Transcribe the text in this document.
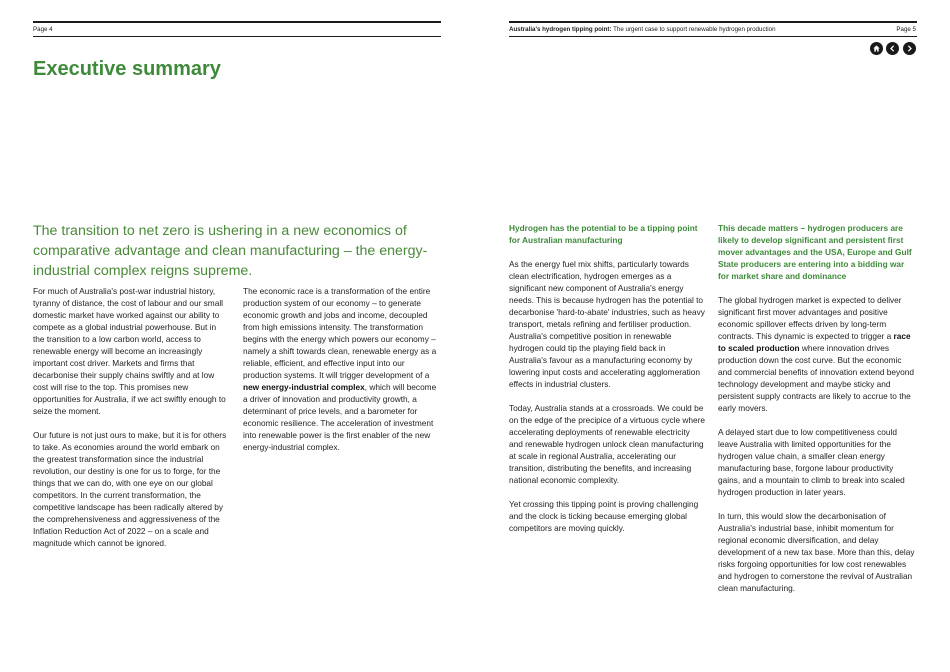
Page 4
Executive summary
The transition to net zero is ushering in a new economics of comparative advantage and clean manufacturing – the energy-industrial complex reigns supreme.

For much of Australia's post-war industrial history, tyranny of distance, the cost of labour and our small domestic market have worked against our ability to compete as a global industrial powerhouse. But in the transition to a low carbon world, access to renewable energy will become an increasingly important cost driver. Markets and firms that decarbonise their supply chains swiftly and at low cost will rise to the top. This promises new opportunities for Australia, if we act swiftly enough to seize the moment.

Our future is not just ours to make, but it is for others to take. As economies around the world embark on the greatest transformation since the industrial revolution, our destiny is one for us to forge, for the things that we can do, with one eye on our global competitors. In the current transformation, the competitive landscape has been radically altered by the comprehensiveness and aggressiveness of the Inflation Reduction Act of 2022 – on a scale and magnitude which cannot be ignored.

The economic race is a transformation of the entire production system of our economy – to generate economic growth and jobs and income, decoupled from high emissions intensity. The transformation begins with the energy which powers our economy – namely a shift towards clean, renewable energy as a reliable, efficient, and effective input into our production systems. It will trigger development of a new energy-industrial complex, which will become a driver of innovation and productivity growth, a determinant of price levels, and a barometer for economic resilience. The acceleration of investment into renewable power is the first enabler of the new energy-industrial complex.

Australia's hydrogen tipping point: The urgent case to support renewable hydrogen production	Page 5
Hydrogen has the potential to be a tipping point for Australian manufacturing

As the energy fuel mix shifts, particularly towards clean electrification, hydrogen emerges as a significant new component of Australia's energy needs. This is because hydrogen has the potential to decarbonise 'hard-to-abate' industries, such as heavy transport, metals refining and fertiliser production. Australia's competitive position in renewable hydrogen could tip the playing field back in Australia's favour as a manufacturing economy by lowering input costs and accelerating agglomeration effects in industrial clusters.

Today, Australia stands at a crossroads. We could be on the edge of the precipice of a virtuous cycle where accelerating deployments of renewable electricity and renewable hydrogen unlock clean manufacturing at scale in regional Australia, accelerating our transition, distributing the benefits, and increasing national economic complexity.

Yet crossing this tipping point is proving challenging and the clock is ticking because emerging global competitors are moving quickly.

This decade matters – hydrogen producers are likely to develop significant and persistent first mover advantages and the USA, Europe and Gulf State producers are entering into a bidding war for market share and dominance

The global hydrogen market is expected to deliver significant first mover advantages and positive economic spillover effects driven by long-term contracts. This dynamic is expected to trigger a race to scaled production where innovation drives production down the cost curve. But the economic and commercial benefits of innovation extend beyond technology development and maybe sticky and persistent supply contracts are likely to accrue to the early movers.

A delayed start due to low competitiveness could leave Australia with limited opportunities for the hydrogen value chain, a smaller clean energy manufacturing base, forgone labour productivity gains, and a mountain to climb to break into scaled hydrogen production in later years.

In turn, this would slow the decarbonisation of Australia's industrial base, inhibit momentum for regional economic diversification, and delay development of a new tax base. More than this, delay risks forgoing opportunities for low cost renewables and hydrogen to cornerstone the revival of Australian clean manufacturing.
